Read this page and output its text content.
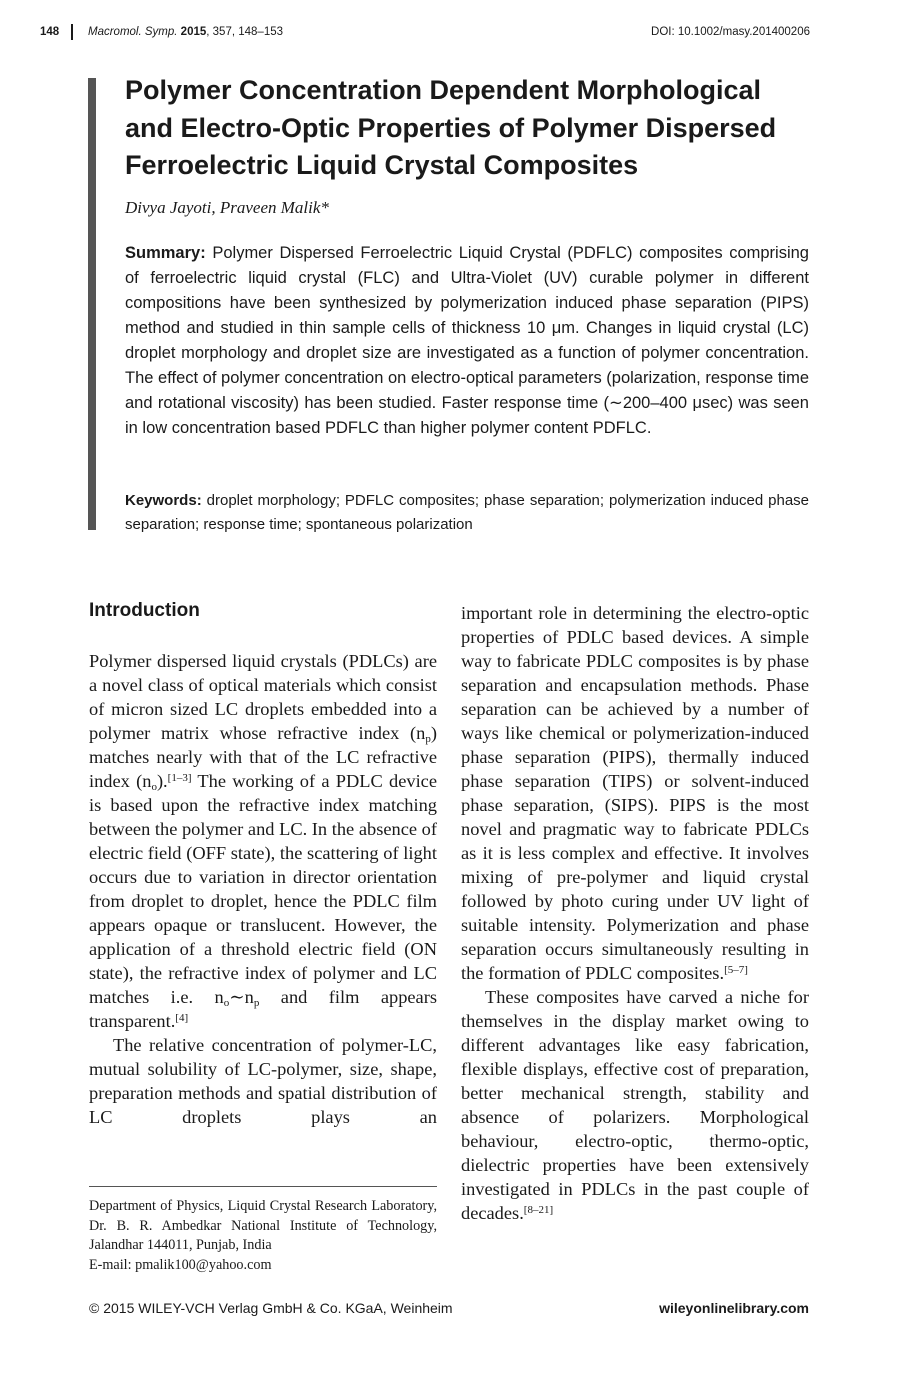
148	Macromol. Symp. 2015, 357, 148–153	DOI: 10.1002/masy.201400206
Polymer Concentration Dependent Morphological and Electro-Optic Properties of Polymer Dispersed Ferroelectric Liquid Crystal Composites
Divya Jayoti, Praveen Malik*

Summary: Polymer Dispersed Ferroelectric Liquid Crystal (PDFLC) composites comprising of ferroelectric liquid crystal (FLC) and Ultra-Violet (UV) curable polymer in different compositions have been synthesized by polymerization induced phase separation (PIPS) method and studied in thin sample cells of thickness 10 μm. Changes in liquid crystal (LC) droplet morphology and droplet size are investigated as a function of polymer concentration. The effect of polymer concentration on electro-optical parameters (polarization, response time and rotational viscosity) has been studied. Faster response time (∼200–400 μsec) was seen in low concentration based PDFLC than higher polymer content PDFLC.

Keywords: droplet morphology; PDFLC composites; phase separation; polymerization induced phase separation; response time; spontaneous polarization

Introduction

Polymer dispersed liquid crystals (PDLCs) are a novel class of optical materials which consist of micron sized LC droplets embedded into a polymer matrix whose refractive index $(n_p)$ matches nearly with that of the LC refractive index $(n_o).[1-3]$ The working of a PDLC device is based upon the refractive index matching between the polymer and LC. In the absence of electric field (OFF state), the scattering of light occurs due to variation in director orientation from droplet to droplet, hence the PDLC film appears opaque or translucent. However, the application of a threshold electric field (ON state), the refractive index of polymer and LC matches i.e. $n_o\sim n_p$ and film appears transparent.[4]

The relative concentration of polymer-LC, mutual solubility of LC-polymer, size, shape, preparation methods and spatial distribution of LC droplets plays an

important role in determining the electro-optic properties of PDLC based devices. A simple way to fabricate PDLC composites is by phase separation and encapsulation methods. Phase separation can be achieved by a number of ways like chemical or polymerization-induced phase separation (PIPS), thermally induced phase separation (TIPS) or solvent-induced phase separation, (SIPS). PIPS is the most novel and pragmatic way to fabricate PDLCs as it is less complex and effective. It involves mixing of pre-polymer and liquid crystal followed by photo curing under UV light of suitable intensity. Polymerization and phase separation occurs simultaneously resulting in the formation of PDLC composites.[5–7]

These composites have carved a niche for themselves in the display market owing to different advantages like easy fabrication, flexible displays, effective cost of preparation, better mechanical strength, stability and absence of polarizers. Morphological behaviour, electro-optic, thermo-optic, dielectric properties have been extensively investigated in PDLCs in the past couple of decades.[8–21]

Department of Physics, Liquid Crystal Research Laboratory, Dr. B. R. Ambedkar National Institute of Technology, Jalandhar 144011, Punjab, India
E-mail: pmalik100@yahoo.com
© 2015 WILEY-VCH Verlag GmbH & Co. KGaA, Weinheim	wileyonlinelibrary.com
